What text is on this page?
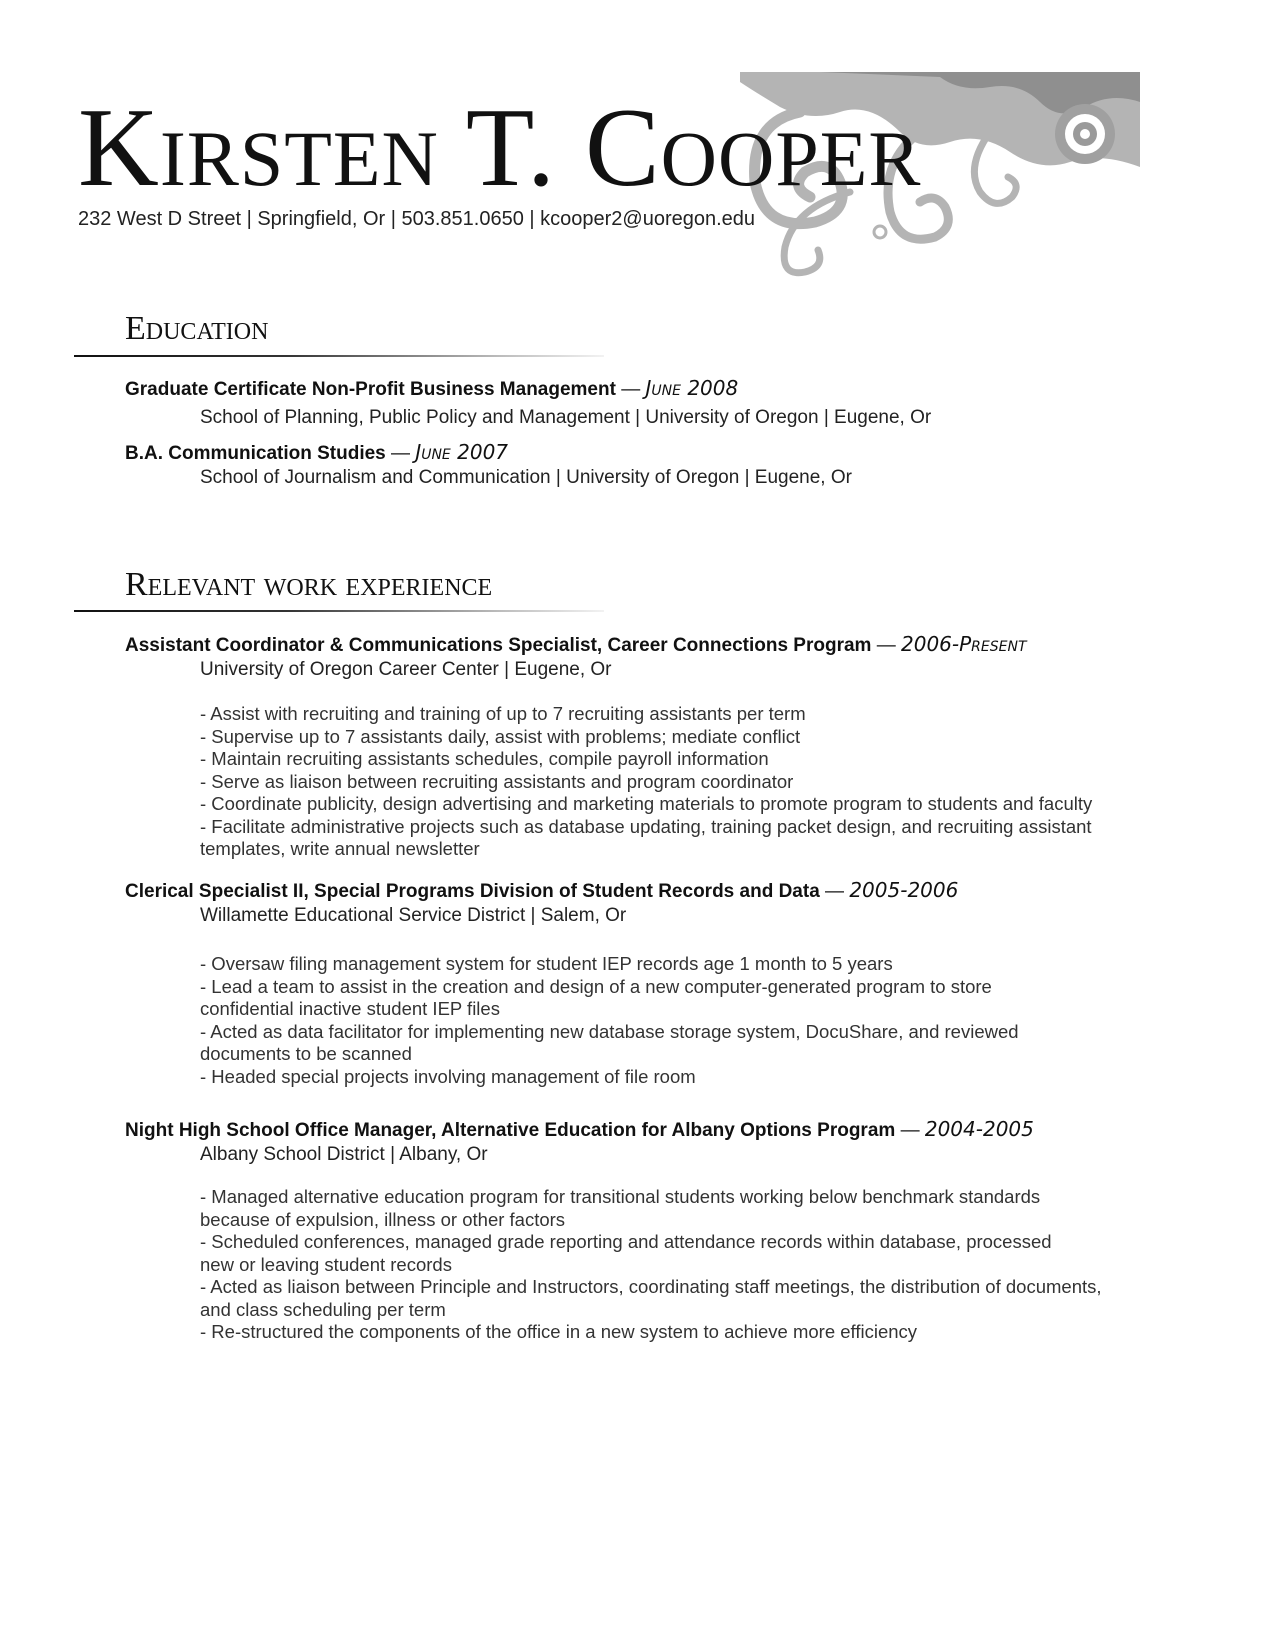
Kirsten T. Cooper
232 West D Street | Springfield, Or | 503.851.0650 | kcooper2@uoregon.edu
Education
Graduate Certificate Non-Profit Business Management — June 2008
School of Planning, Public Policy and Management | University of Oregon | Eugene, Or
B.A. Communication Studies — June 2007
School of Journalism and Communication | University of Oregon | Eugene, Or
Relevant work experience
Assistant Coordinator & Communications Specialist, Career Connections Program — 2006-Present
University of Oregon Career Center | Eugene, Or
- Assist with recruiting and training of up to 7 recruiting assistants per term
- Supervise up to 7 assistants daily, assist with problems; mediate conflict
- Maintain recruiting assistants schedules, compile payroll information
- Serve as liaison between recruiting assistants and program coordinator
- Coordinate publicity, design advertising and marketing materials to promote program to students and faculty
- Facilitate administrative projects such as database updating, training packet design, and recruiting assistant
templates, write annual newsletter
Clerical Specialist II, Special Programs Division of Student Records and Data — 2005-2006
Willamette Educational Service District | Salem, Or
- Oversaw filing management system for student IEP records age 1 month to 5 years
- Lead a team to assist in the creation and design of a new computer-generated program to store
confidential inactive student IEP files
- Acted as data facilitator for implementing new database storage system, DocuShare, and reviewed
documents to be scanned
- Headed special projects involving management of file room
Night High School Office Manager, Alternative Education for Albany Options Program — 2004-2005
Albany School District | Albany, Or
- Managed alternative education program for transitional students working below benchmark standards
because of expulsion, illness or other factors
- Scheduled conferences, managed grade reporting and attendance records within database, processed
new or leaving student records
- Acted as liaison between Principle and Instructors, coordinating staff meetings, the distribution of documents,
and class scheduling per term
- Re-structured the components of the office in a new system to achieve more efficiency
